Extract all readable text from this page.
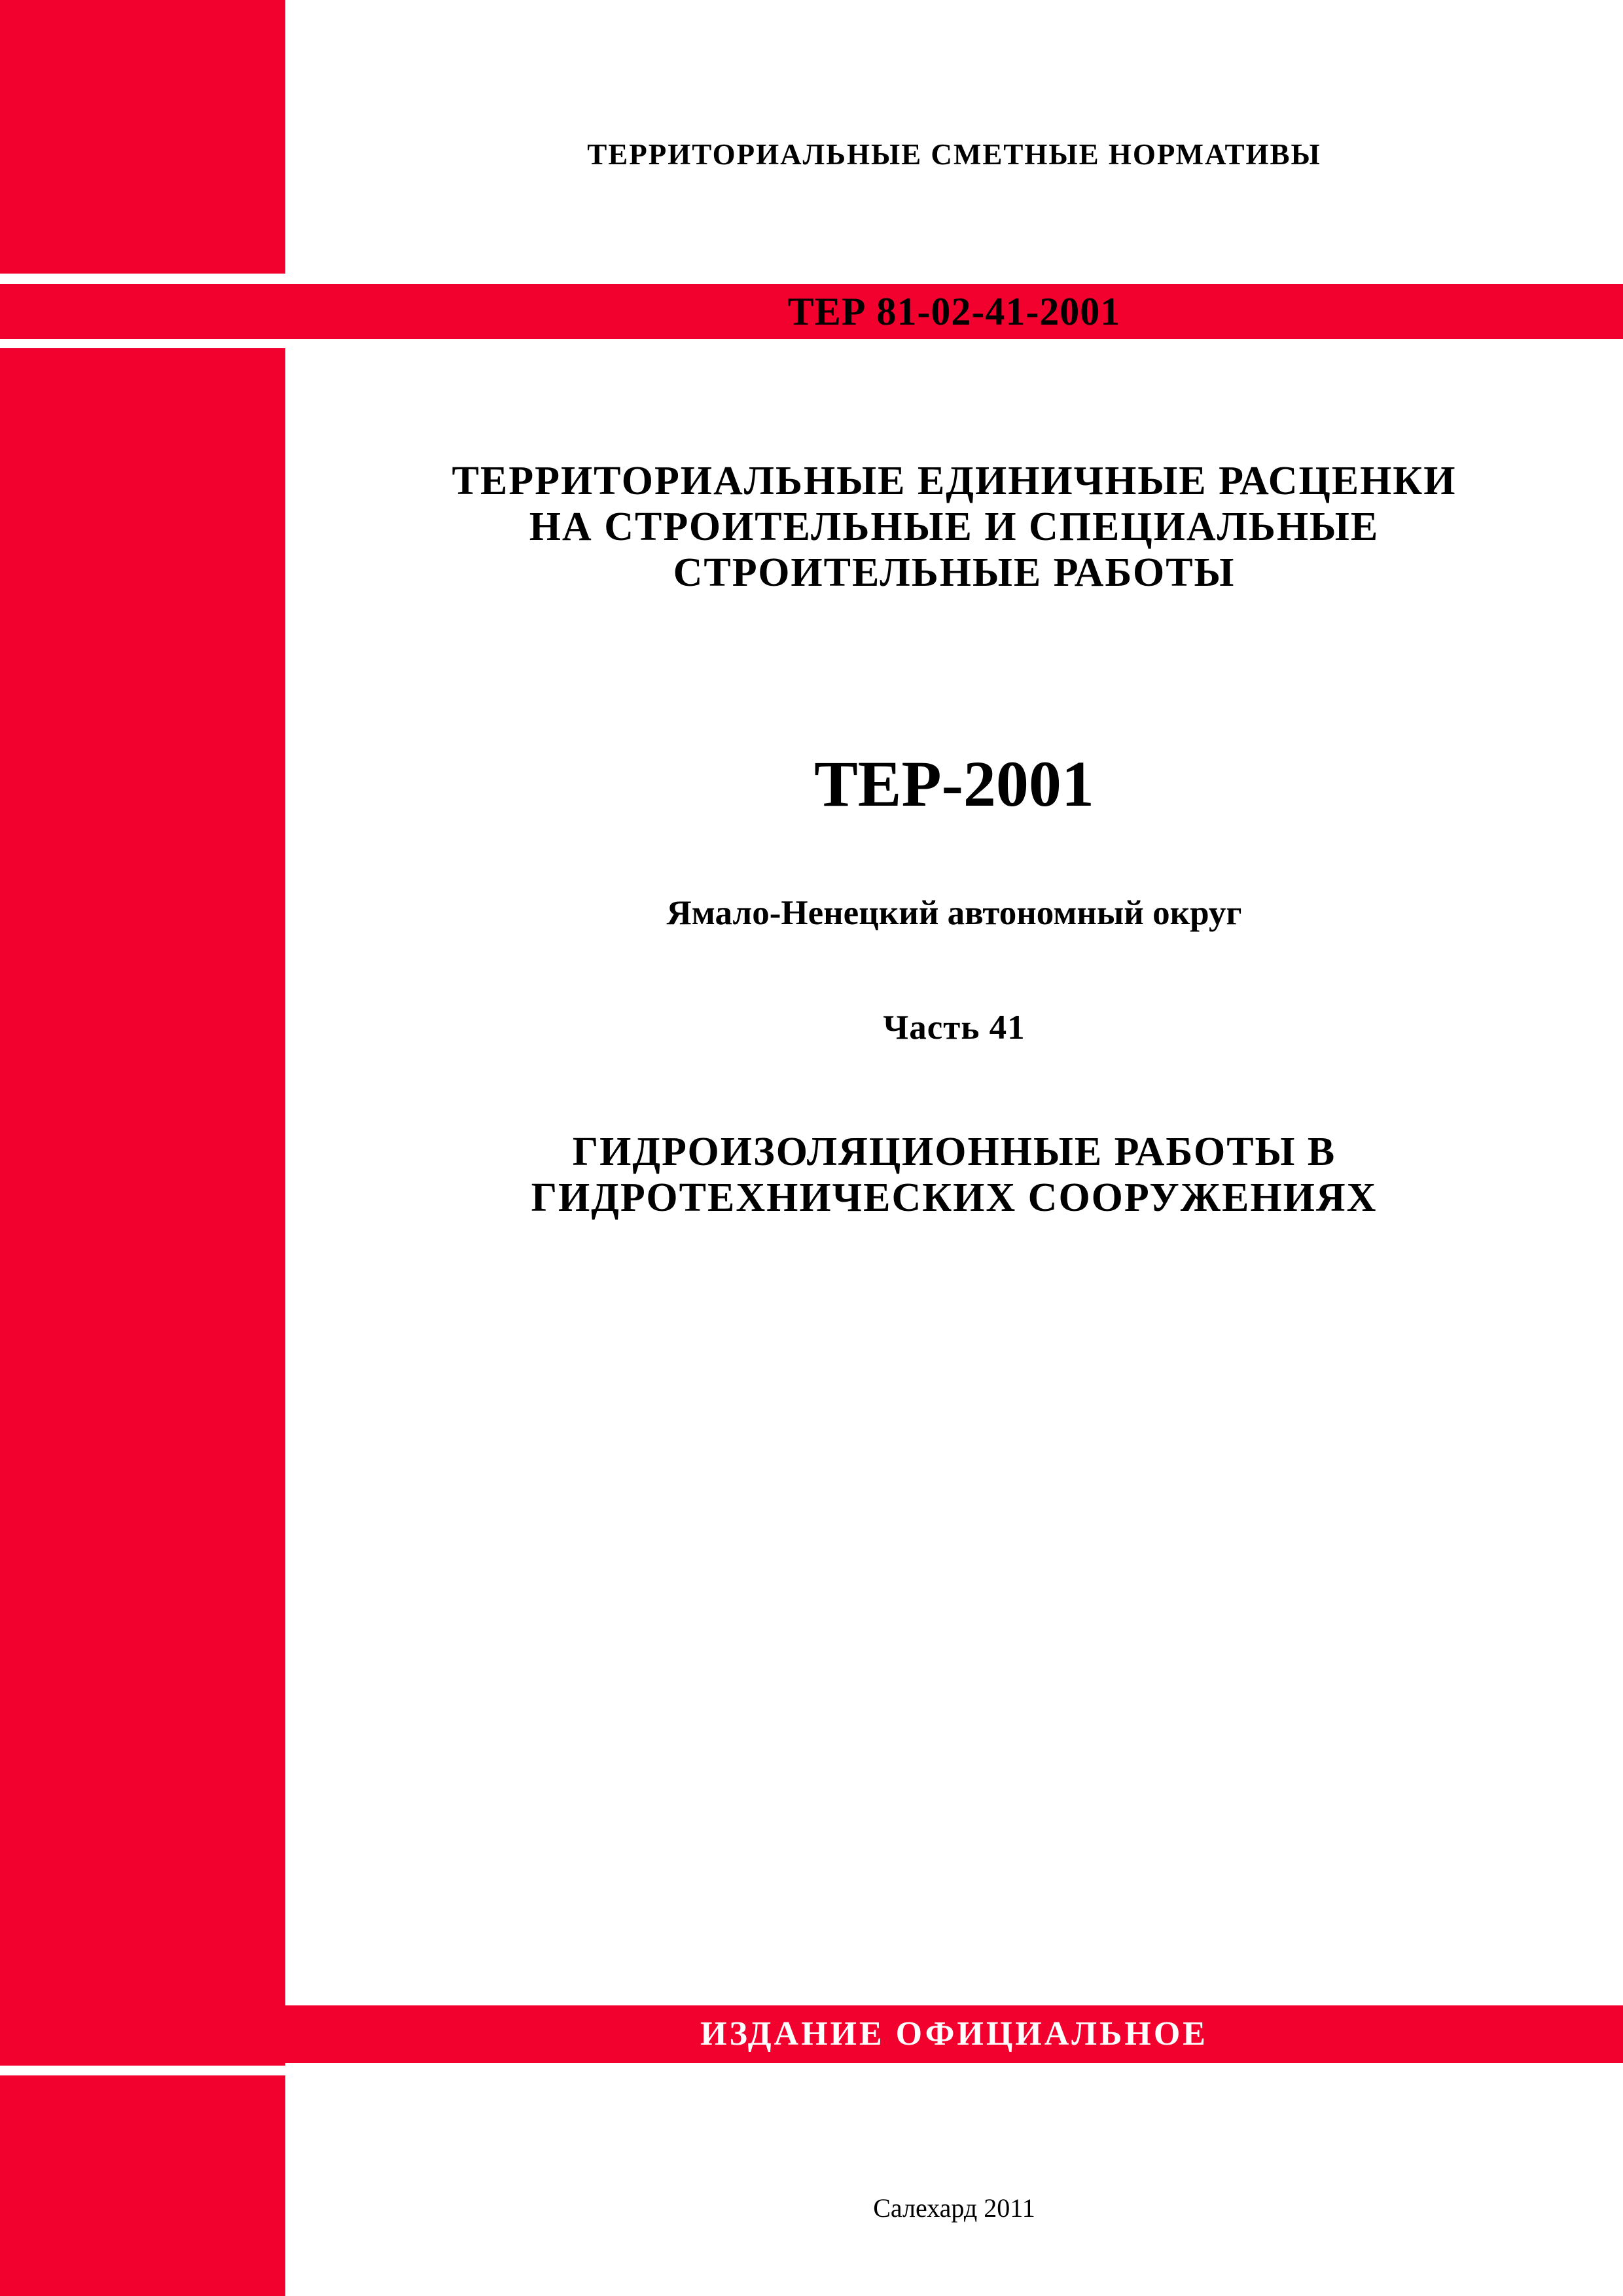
ТЕРРИТОРИАЛЬНЫЕ СМЕТНЫЕ НОРМАТИВЫ
ТЕР 81-02-41-2001
ТЕРРИТОРИАЛЬНЫЕ ЕДИНИЧНЫЕ РАСЦЕНКИ
НА СТРОИТЕЛЬНЫЕ И СПЕЦИАЛЬНЫЕ
СТРОИТЕЛЬНЫЕ РАБОТЫ
ТЕР-2001
Ямало-Ненецкий автономный округ
Часть 41
ГИДРОИЗОЛЯЦИОННЫЕ РАБОТЫ В
ГИДРОТЕХНИЧЕСКИХ СООРУЖЕНИЯХ
ИЗДАНИЕ ОФИЦИАЛЬНОЕ
Салехард 2011
